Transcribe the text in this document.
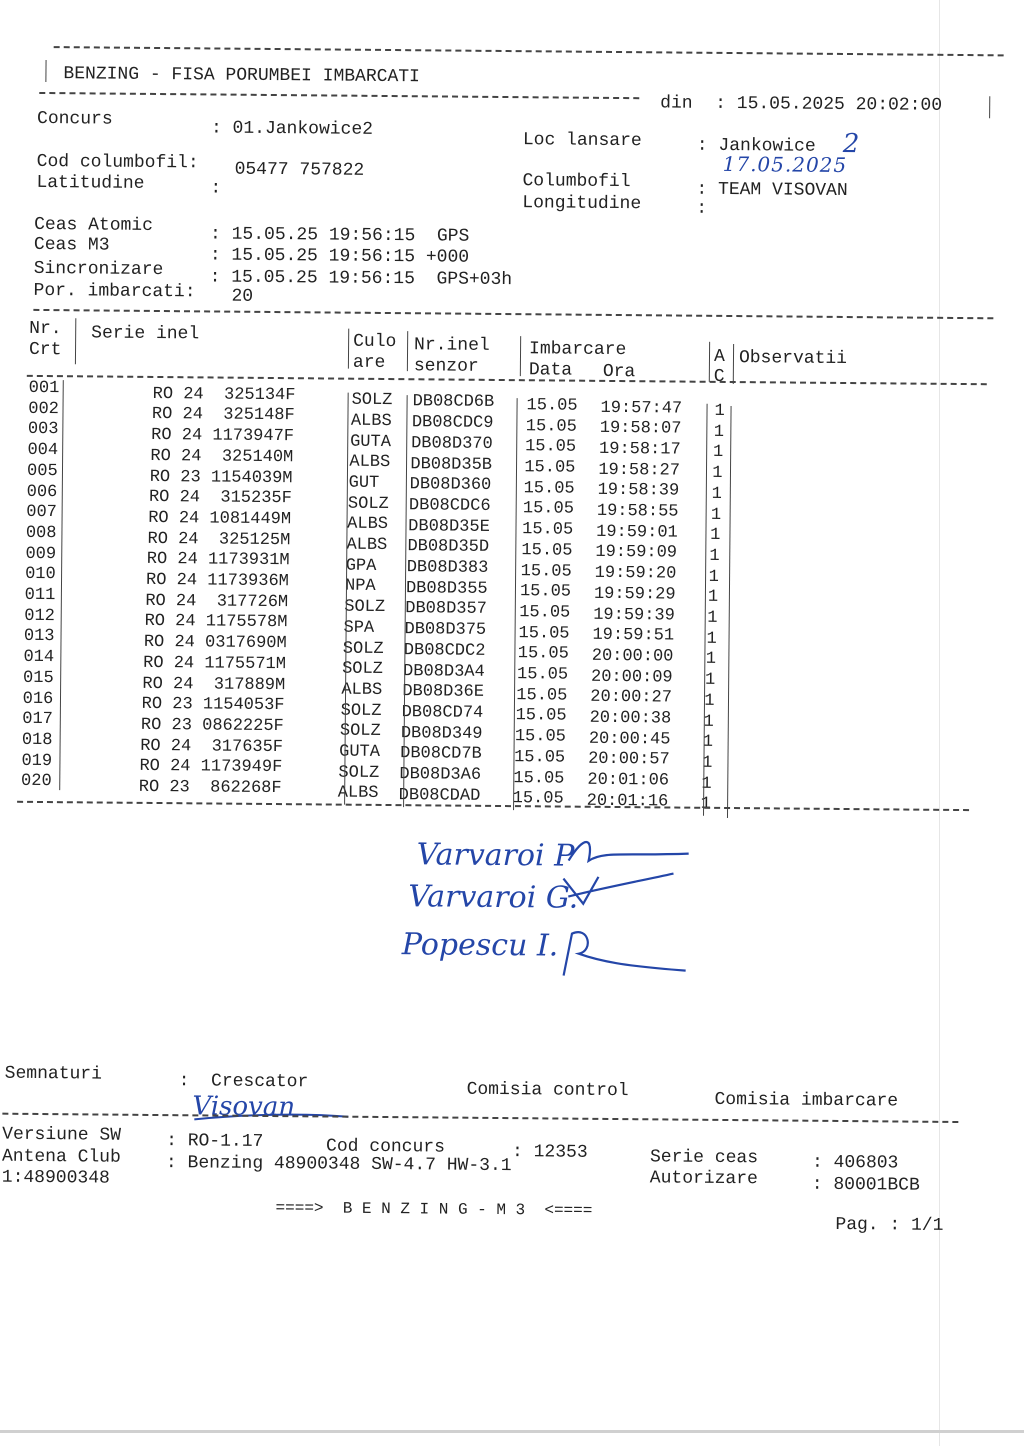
BENZING - FISA PORUMBEI IMBARCATI
din : 15.05.2025 20:02:00
Concurs	: 01.Jankowice2
Loc lansare	: Jankowice 2
17.05.2025
Cod columbofil: 05477 757822
Latitudine	:	Columbofil	: TEAM VISOVAN
Longitudine	:
Ceas Atomic	: 15.05.25 19:56:15  GPS
Ceas M3
: 15.05.25 19:56:15 +000
Sincronizare	: 15.05.25 19:56:15  GPS+03h
Por. imbarcati: 20
Nr.
Crt
Serie inel	Culo
are
Nr.inel
senzor
Imbarcare
Data Ora
A
C
Observatii
001	RO 24  325134F	SOLZ DB08CD6B 15.05 19:57:47 1
002	RO 24  325148F	ALBS DB08CDC9 15.05 19:58:07 1
003	RO 24 1173947F	GUTA DB08D370 15.05 19:58:17 1
004	RO 24  325140M	ALBS DB08D35B 15.05 19:58:27 1
005	RO 23 1154039M	GUT DB08D360 15.05 19:58:39 1
006	RO 24  315235F	SOLZ DB08CDC6 15.05 19:58:55 1
007	RO 24 1081449M	ALBS DB08D35E 15.05 19:59:01 1
008	RO 24  325125M	ALBS DB08D35D 15.05 19:59:09 1
009	RO 24 1173931M	GPA DB08D383 15.05 19:59:20 1
010	RO 24 1173936M	NPA DB08D355 15.05 19:59:29 1
011	RO 24  317726M	SOLZ DB08D357 15.05 19:59:39 1
012	RO 24 1175578M	SPA DB08D375 15.05 19:59:51 1
013	RO 24 0317690M	SOLZ DB08CDC2 15.05 20:00:00 1
014	RO 24 1175571M	SOLZ DB08D3A4 15.05 20:00:09 1
015	RO 24  317889M	ALBS DB08D36E 15.05 20:00:27 1
016	RO 23 1154053F	SOLZ DB08CD74 15.05 20:00:38 1
017	RO 23 0862225F	SOLZ DB08D349 15.05 20:00:45 1
018	RO 24  317635F	GUTA DB08CD7B 15.05 20:00:57 1
019	RO 24 1173949F	SOLZ DB08D3A6 15.05 20:01:06 1
020	RO 23  862268F	ALBS DB08CDAD 15.05 20:01:16 1
Varvaroi P
Varvaroi G.
Popescu I.
Semnaturi	:  Crescator	Comisia control	Comisia imbarcare
Visovan
Versiune SW : RO-1.17	Cod concurs	: 12353
Antena Club : Benzing 48900348 SW-4.7 HW-3.1
1:48900348
Serie ceas	: 406803
Autorizare	: 80001BCB
====>  B E N Z I N G - M 3  <====
Pag. : 1/1
